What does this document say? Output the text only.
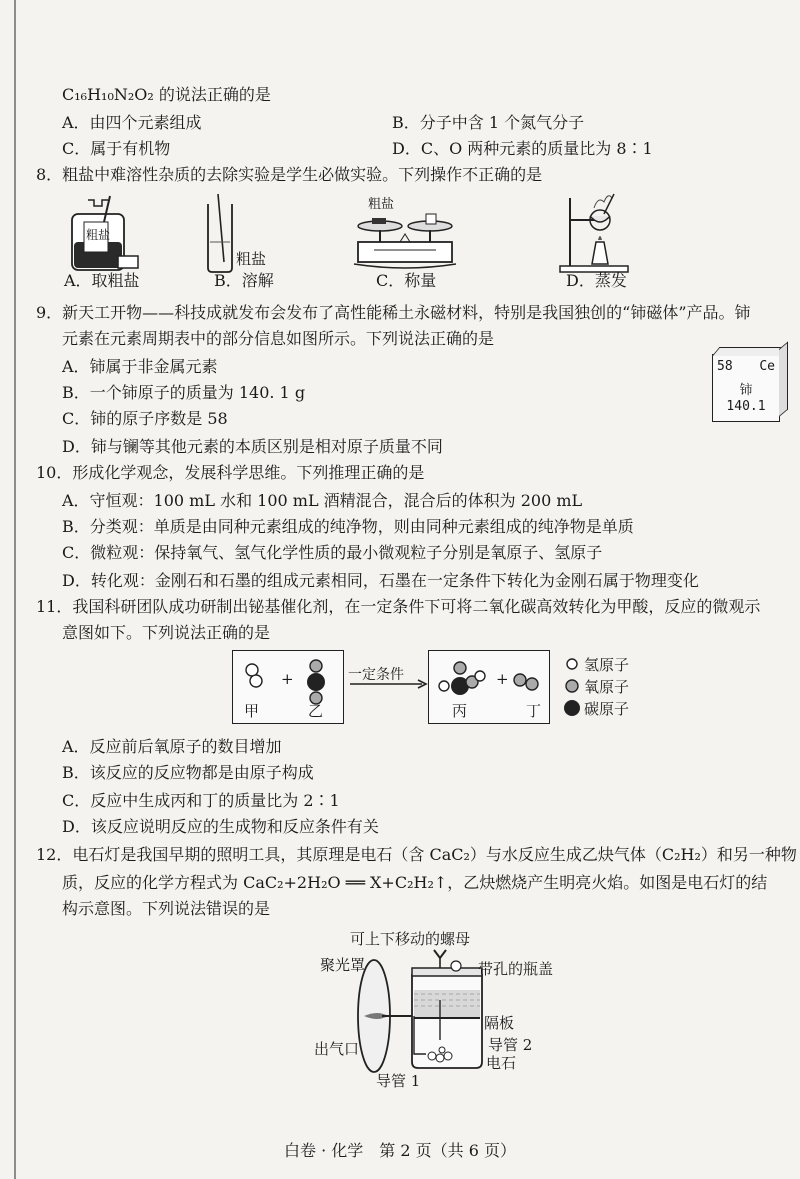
C₁₆H₁₀N₂O₂ 的说法正确的是
A．由四个元素组成	B．分子中含 1 个氮气分子
C．属于有机物	D．C、O 两种元素的质量比为 8∶1
8．粗盐中难溶性杂质的去除实验是学生必做实验。下列操作不正确的是
粗盐
粗盐
粗盐
A．取粗盐	B．溶解	C．称量	D．蒸发
9．新天工开物——科技成就发布会发布了高性能稀土永磁材料，特别是我国独创的“铈磁体”产品。铈
元素在元素周期表中的部分信息如图所示。下列说法正确的是
A．铈属于非金属元素
B．一个铈原子的质量为 140. 1 g
C．铈的原子序数是 58
D．铈与镧等其他元素的本质区别是相对原子质量不同
58 Ce
铈
140.1
10．形成化学观念，发展科学思维。下列推理正确的是
A．守恒观：100 mL 水和 100 mL 酒精混合，混合后的体积为 200 mL
B．分类观：单质是由同种元素组成的纯净物，则由同种元素组成的纯净物是单质
C．微粒观：保持氧气、氢气化学性质的最小微观粒子分别是氧原子、氢原子
D．转化观：金刚石和石墨的组成元素相同，石墨在一定条件下转化为金刚石属于物理变化
11．我国科研团队成功研制出铋基催化剂，在一定条件下可将二氧化碳高效转化为甲酸，反应的微观示
意图如下。下列说法正确的是
+	+
一定条件
甲	乙	丙	丁
氢原子
氧原子
碳原子
A．反应前后氧原子的数目增加
B．该反应的反应物都是由原子构成
C．反应中生成丙和丁的质量比为 2∶1
D．该反应说明反应的生成物和反应条件有关
12．电石灯是我国早期的照明工具，其原理是电石（含 CaC₂）与水反应生成乙炔气体（C₂H₂）和另一种物
质，反应的化学方程式为 CaC₂+2H₂O ══ X+C₂H₂↑，乙炔燃烧产生明亮火焰。如图是电石灯的结
构示意图。下列说法错误的是
可上下移动的螺母
聚光罩	带孔的瓶盖
隔板
出气口	导管 2
电石
导管 1
白卷 · 化学　第 2 页（共 6 页）
